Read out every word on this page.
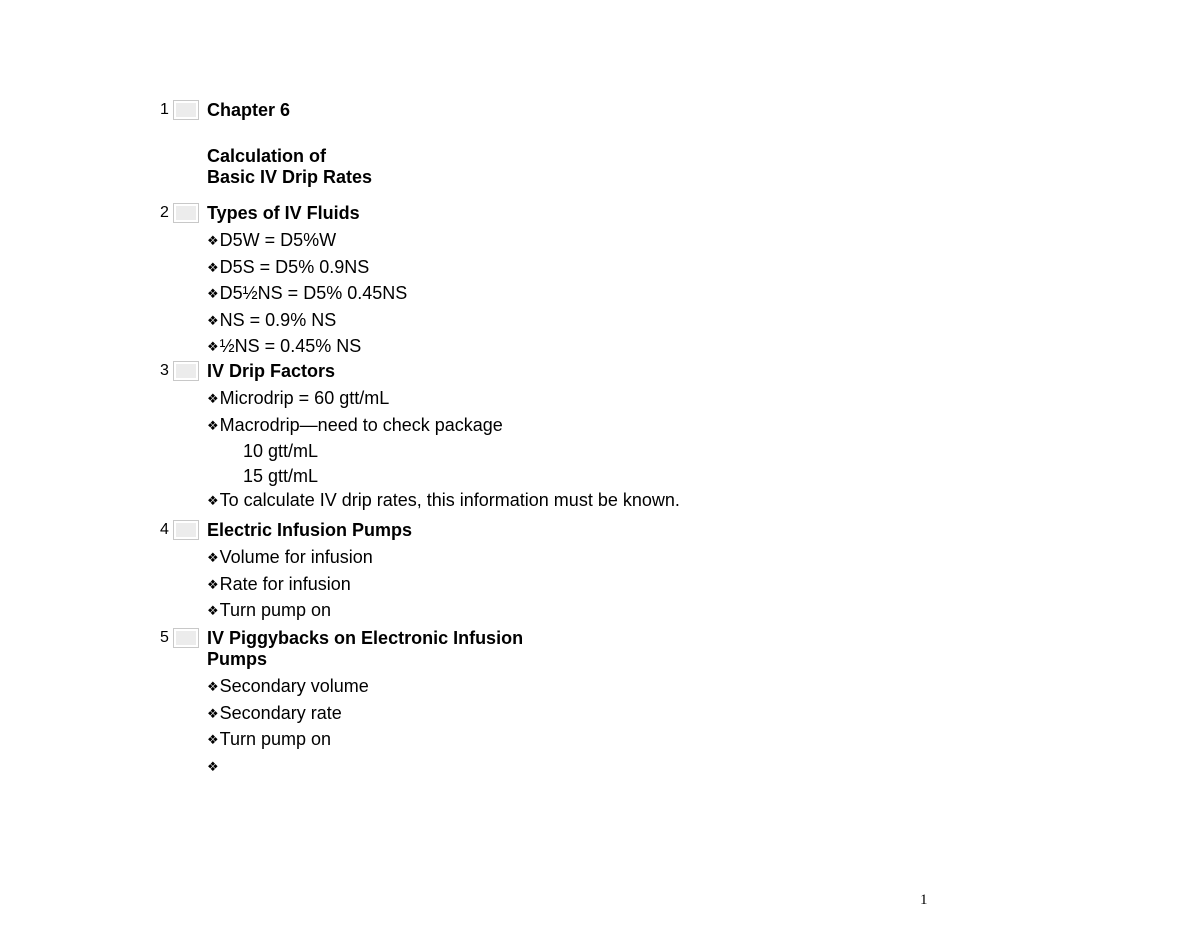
1 Chapter 6
Calculation of
Basic IV Drip Rates
2 Types of IV Fluids
❖D5W = D5%W
❖D5S = D5% 0.9NS
❖D5½NS = D5% 0.45NS
❖NS = 0.9% NS
❖½NS = 0.45% NS
3 IV Drip Factors
❖Microdrip = 60 gtt/mL
❖Macrodrip—need to check package
10 gtt/mL
15 gtt/mL
❖To calculate IV drip rates, this information must be known.
4 Electric Infusion Pumps
❖Volume for infusion
❖Rate for infusion
❖Turn pump on
5 IV Piggybacks on Electronic Infusion
Pumps
❖Secondary volume
❖Secondary rate
❖Turn pump on
❖
1
